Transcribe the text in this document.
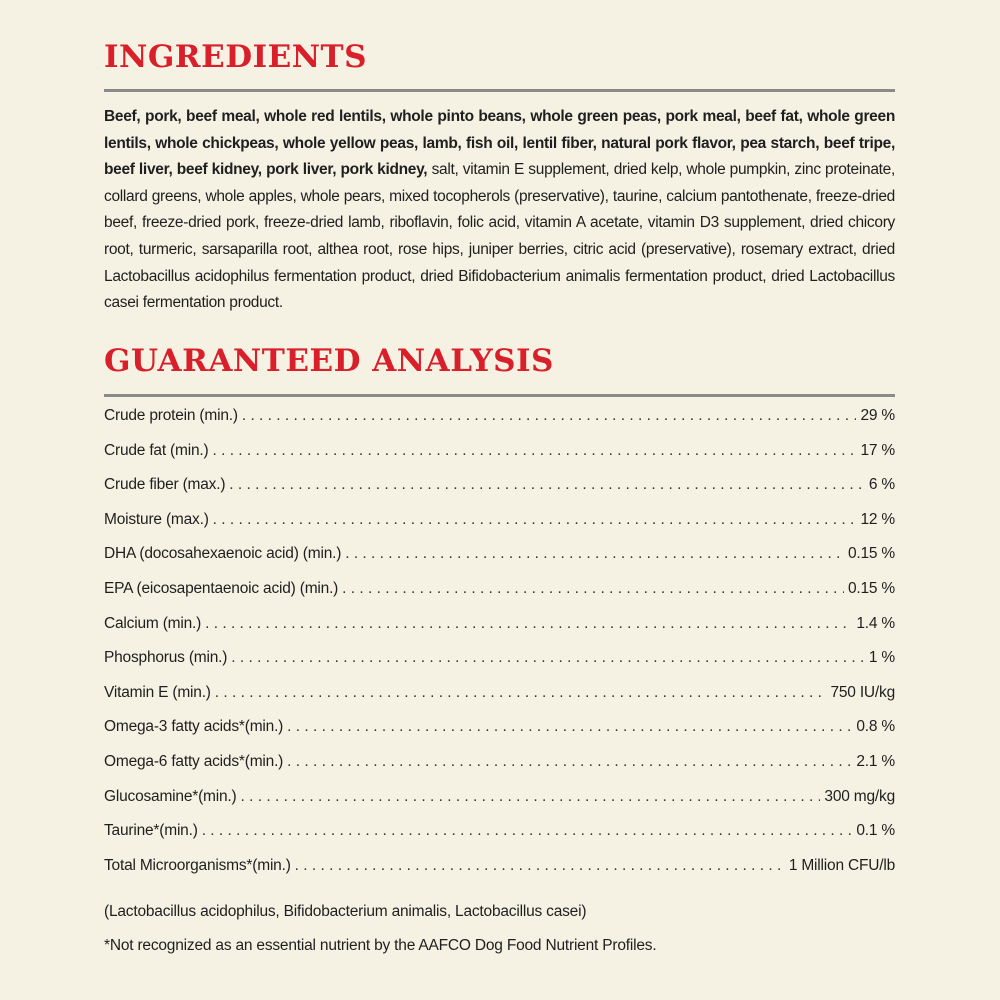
INGREDIENTS

Beef, pork, beef meal, whole red lentils, whole pinto beans, whole green peas, pork meal, beef fat, whole green lentils, whole chickpeas, whole yellow peas, lamb, fish oil, lentil fiber, natural pork flavor, pea starch, beef tripe, beef liver, beef kidney, pork liver, pork kidney, salt, vitamin E supplement, dried kelp, whole pumpkin, zinc proteinate, collard greens, whole apples, whole pears, mixed tocopherols (preservative), taurine, calcium pantothenate, freeze-dried beef, freeze-dried pork, freeze-dried lamb, riboflavin, folic acid, vitamin A acetate, vitamin D3 supplement, dried chicory root, turmeric, sarsaparilla root, althea root, rose hips, juniper berries, citric acid (preservative), rosemary extract, dried Lactobacillus acidophilus fermentation product, dried Bifidobacterium animalis fermentation product, dried Lactobacillus casei fermentation product.

GUARANTEED ANALYSIS
Crude protein (min.) . . .	29 %
Crude fat (min.) . . .	17 %
Crude fiber (max.) . . .	6 %
Moisture (max.) . . .	12 %
DHA (docosahexaenoic acid) (min.) . . .	0.15 %
EPA (eicosapentaenoic acid) (min.) . . .	0.15 %
Calcium (min.) . . .	1.4 %
Phosphorus (min.) . . .	1 %
Vitamin E (min.) . . .	750 IU/kg
Omega-3 fatty acids*(min.) . . .	0.8 %
Omega-6 fatty acids*(min.) . . .	2.1 %
Glucosamine*(min.) . . .	300 mg/kg
Taurine*(min.) . . .	0.1 %
Total Microorganisms*(min.) . . .	1 Million CFU/lb

(Lactobacillus acidophilus, Bifidobacterium animalis, Lactobacillus casei)

*Not recognized as an essential nutrient by the AAFCO Dog Food Nutrient Profiles.
